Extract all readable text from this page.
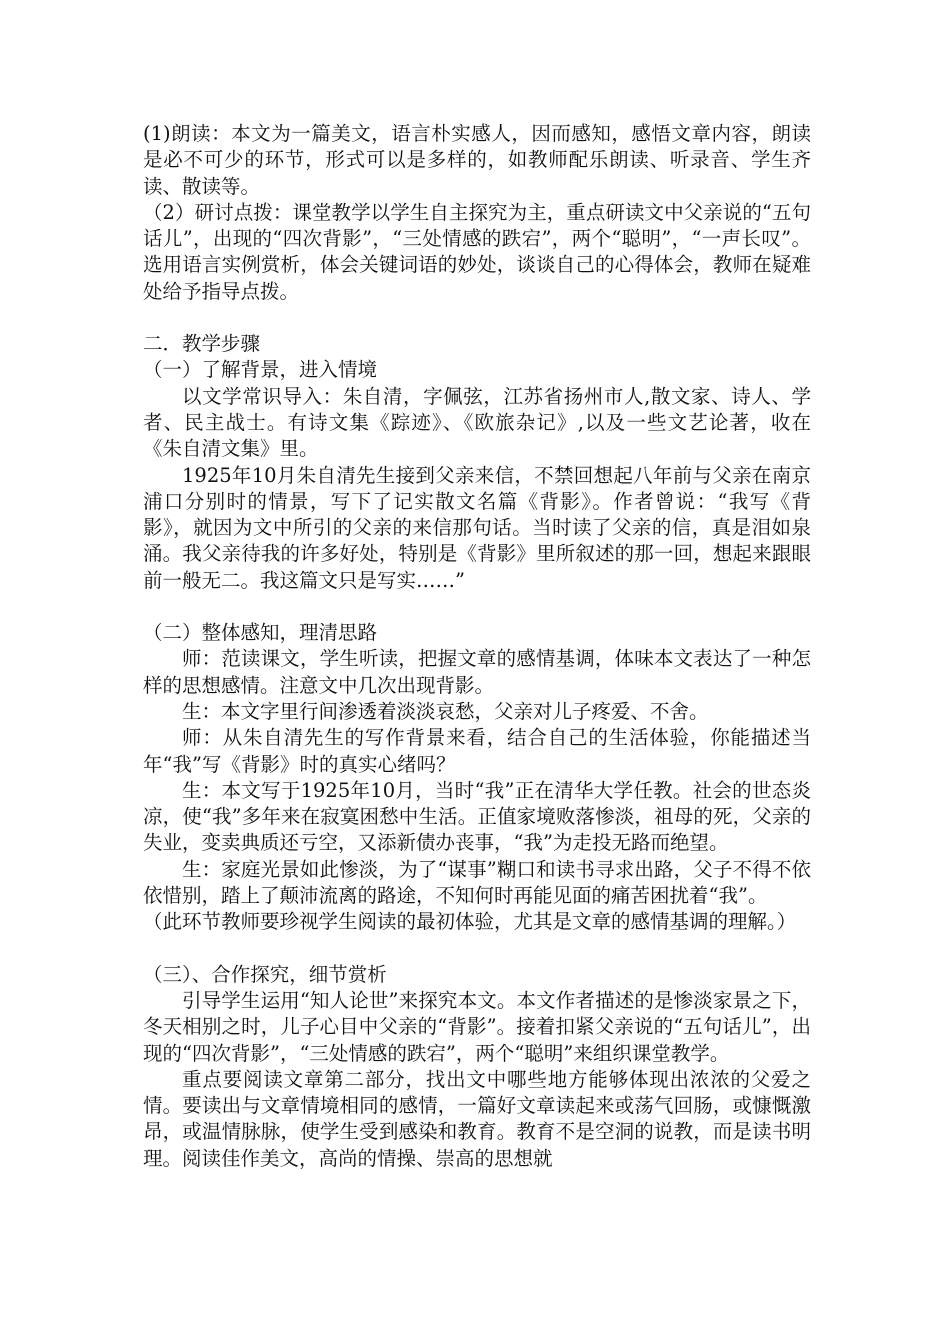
(1)朗读：本文为一篇美文，语言朴实感人，因而感知，感悟文章内容，朗读是必不可少的环节，形式可以是多样的，如教师配乐朗读、听录音、学生齐读、散读等。

（2）研讨点拨：课堂教学以学生自主探究为主，重点研读文中父亲说的“五句话儿”，出现的“四次背影”，“三处情感的跌宕”，两个“聪明”，“一声长叹”。选用语言实例赏析，体会关键词语的妙处，谈谈自己的心得体会，教师在疑难处给予指导点拨。

二．教学步骤

（一）了解背景，进入情境

以文学常识导入：朱自清，字佩弦，江苏省扬州市人,散文家、诗人、学者、民主战士。有诗文集《踪迹》、《欧旅杂记》,以及一些文艺论著，收在《朱自清文集》里。

1925年10月朱自清先生接到父亲来信，不禁回想起八年前与父亲在南京浦口分别时的情景，写下了记实散文名篇《背影》。作者曾说：“我写《背影》，就因为文中所引的父亲的来信那句话。当时读了父亲的信，真是泪如泉涌。我父亲待我的许多好处，特别是《背影》里所叙述的那一回，想起来跟眼前一般无二。我这篇文只是写实……”

（二）整体感知，理清思路

师：范读课文，学生听读，把握文章的感情基调，体味本文表达了一种怎样的思想感情。注意文中几次出现背影。

生：本文字里行间渗透着淡淡哀愁，父亲对儿子疼爱、不舍。

师：从朱自清先生的写作背景来看，结合自己的生活体验，你能描述当年“我”写《背影》时的真实心绪吗？

生：本文写于1925年10月，当时“我”正在清华大学任教。社会的世态炎凉，使“我”多年来在寂寞困愁中生活。正值家境败落惨淡，祖母的死，父亲的失业，变卖典质还亏空，又添新债办丧事，“我”为走投无路而绝望。

生：家庭光景如此惨淡，为了“谋事”糊口和读书寻求出路，父子不得不依依惜别，踏上了颠沛流离的路途，不知何时再能见面的痛苦困扰着“我”。

（此环节教师要珍视学生阅读的最初体验，尤其是文章的感情基调的理解。）

（三）、合作探究，细节赏析

引导学生运用“知人论世”来探究本文。本文作者描述的是惨淡家景之下，冬天相别之时，儿子心目中父亲的“背影”。接着扣紧父亲说的“五句话儿”，出现的“四次背影”，“三处情感的跌宕”，两个“聪明”来组织课堂教学。

重点要阅读文章第二部分，找出文中哪些地方能够体现出浓浓的父爱之情。要读出与文章情境相同的感情，一篇好文章读起来或荡气回肠，或慷慨激昂，或温情脉脉，使学生受到感染和教育。教育不是空洞的说教，而是读书明理。阅读佳作美文，高尚的情操、崇高的思想就
